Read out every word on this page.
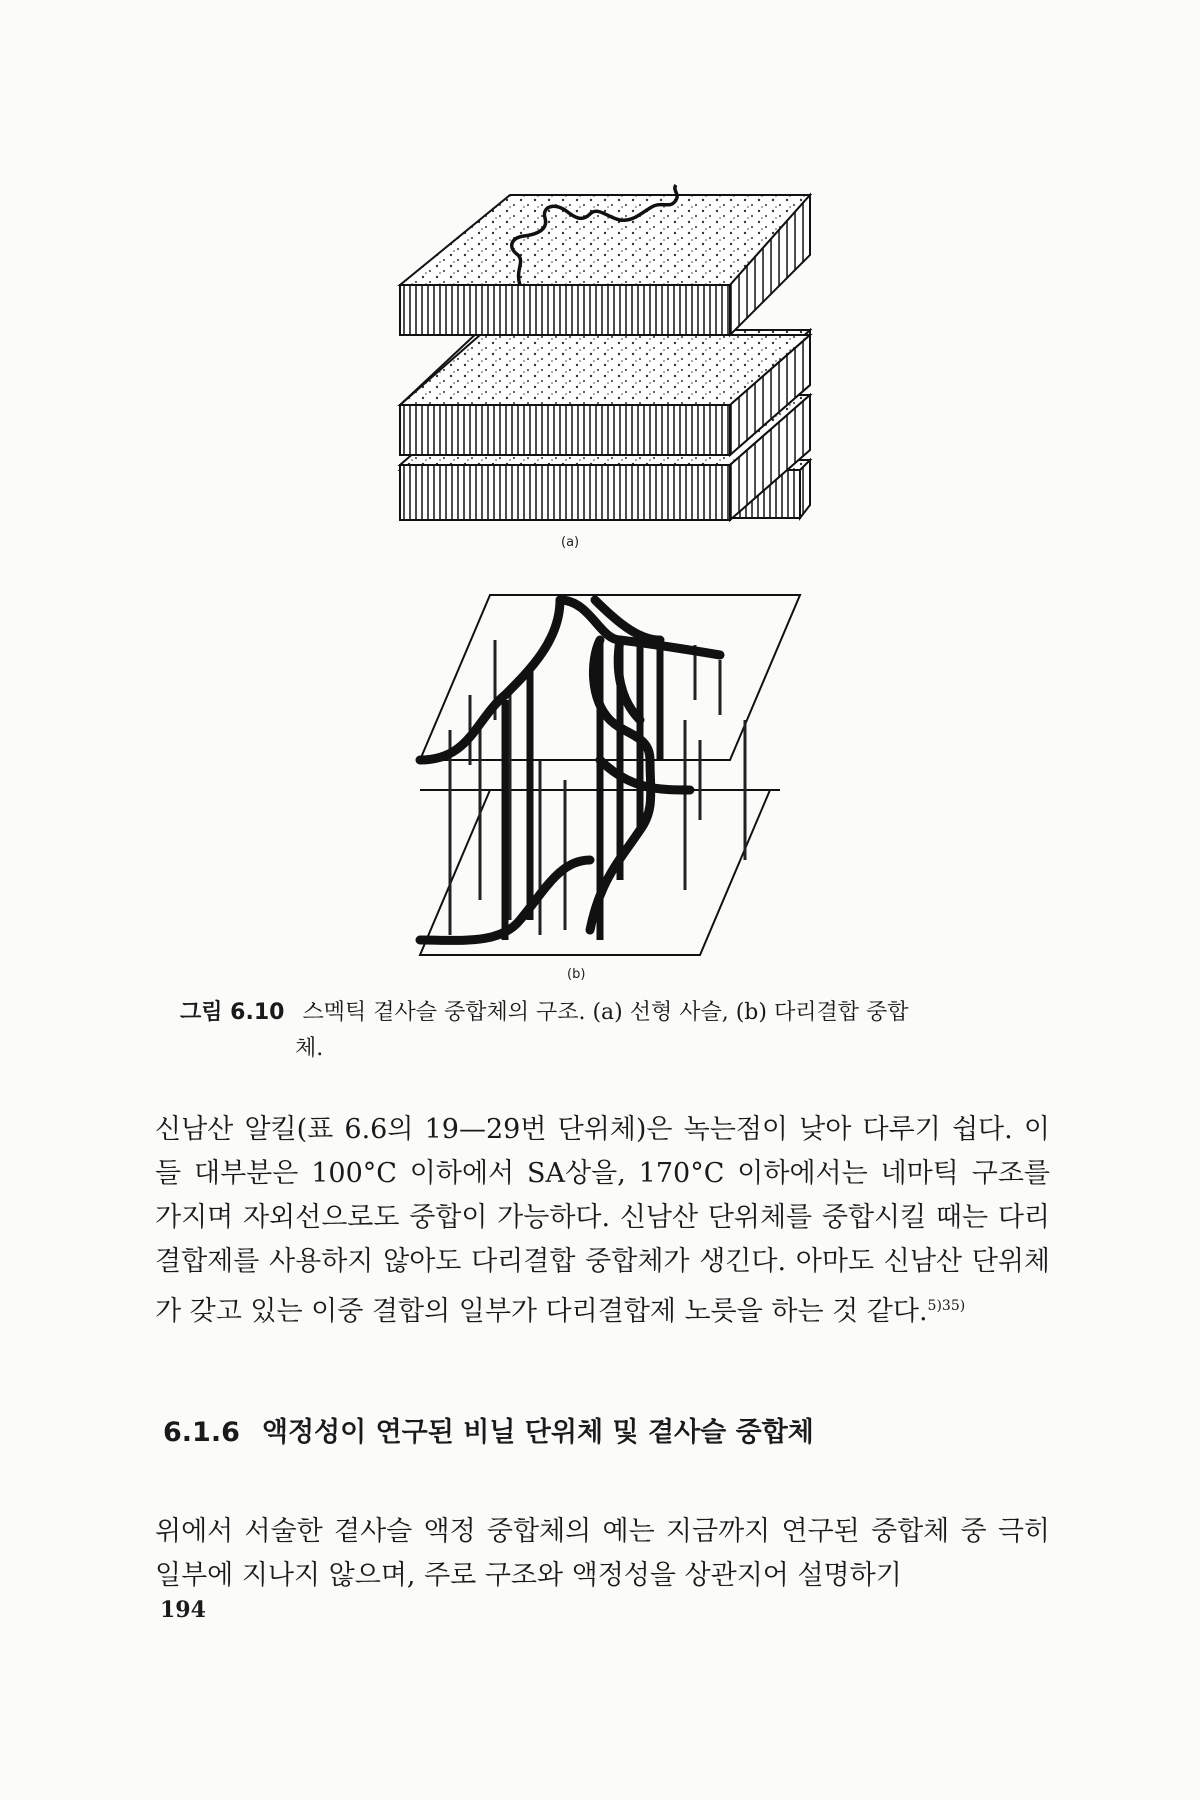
(a)
(b)
그림 6.10 스멕틱 곁사슬 중합체의 구조. (a) 선형 사슬, (b) 다리결합 중합
체.
신남산 알킬(표 6.6의 19—29번 단위체)은 녹는점이 낮아 다루기 쉽다. 이들 대부분은 100°C 이하에서 SA상을, 170°C 이하에서는 네마틱 구조를 가지며 자외선으로도 중합이 가능하다. 신남산 단위체를 중합시킬 때는 다리결합제를 사용하지 않아도 다리결합 중합체가 생긴다. 아마도 신남산 단위체가 갖고 있는 이중 결합의 일부가 다리결합제 노릇을 하는 것 같다.$^{5)35)}$
6.1.6 액정성이 연구된 비닐 단위체 및 곁사슬 중합체
위에서 서술한 곁사슬 액정 중합체의 예는 지금까지 연구된 중합체 중 극히 일부에 지나지 않으며, 주로 구조와 액정성을 상관지어 설명하기
194
